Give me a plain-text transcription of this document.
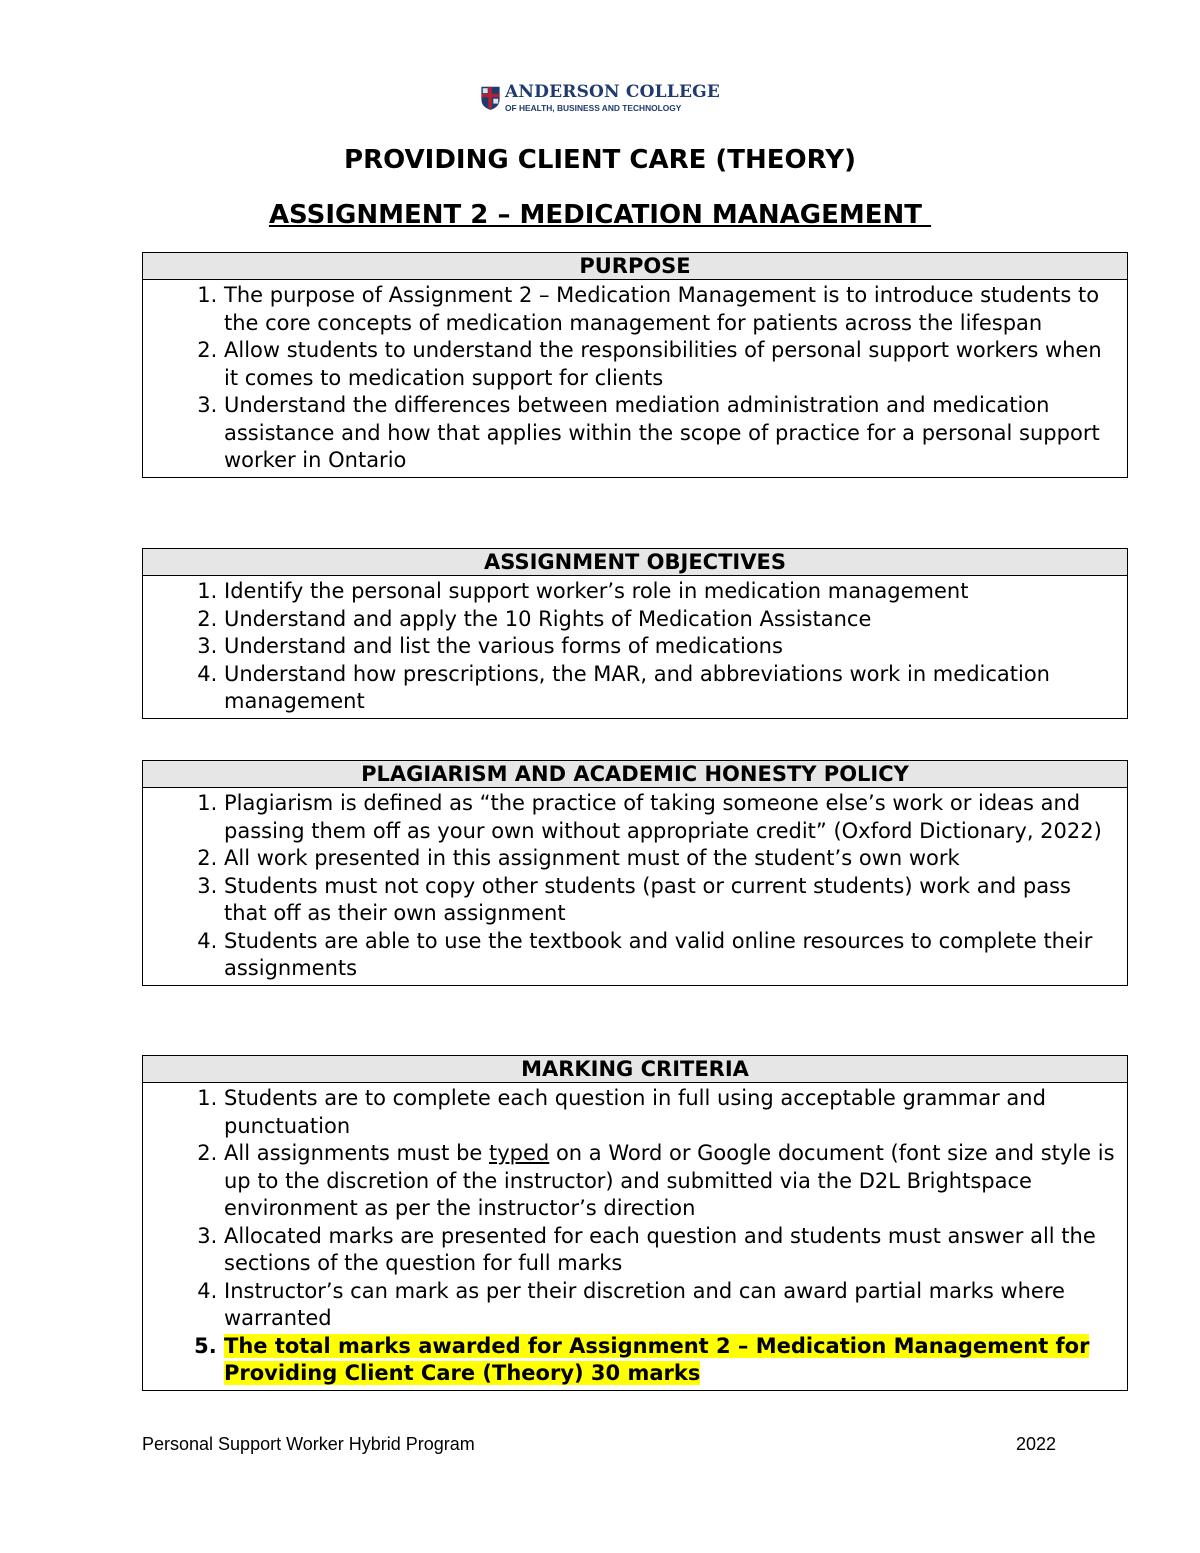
ANDERSON COLLEGE
OF HEALTH, BUSINESS AND TECHNOLOGY
PROVIDING CLIENT CARE (THEORY)
ASSIGNMENT 2 – MEDICATION MANAGEMENT
PURPOSE
1. The purpose of Assignment 2 – Medication Management is to introduce students to the core concepts of medication management for patients across the lifespan
2. Allow students to understand the responsibilities of personal support workers when it comes to medication support for clients
3. Understand the differences between mediation administration and medication assistance and how that applies within the scope of practice for a personal support worker in Ontario
ASSIGNMENT OBJECTIVES
1. Identify the personal support worker’s role in medication management
2. Understand and apply the 10 Rights of Medication Assistance
3. Understand and list the various forms of medications
4. Understand how prescriptions, the MAR, and abbreviations work in medication management
PLAGIARISM AND ACADEMIC HONESTY POLICY
1. Plagiarism is defined as “the practice of taking someone else’s work or ideas and passing them off as your own without appropriate credit” (Oxford Dictionary, 2022)
2. All work presented in this assignment must of the student’s own work
3. Students must not copy other students (past or current students) work and pass that off as their own assignment
4. Students are able to use the textbook and valid online resources to complete their assignments
MARKING CRITERIA
1. Students are to complete each question in full using acceptable grammar and punctuation
2. All assignments must be typed on a Word or Google document (font size and style is up to the discretion of the instructor) and submitted via the D2L Brightspace environment as per the instructor’s direction
3. Allocated marks are presented for each question and students must answer all the sections of the question for full marks
4. Instructor’s can mark as per their discretion and can award partial marks where warranted
5. The total marks awarded for Assignment 2 – Medication Management for Providing Client Care (Theory) 30 marks
Personal Support Worker Hybrid Program	2022
